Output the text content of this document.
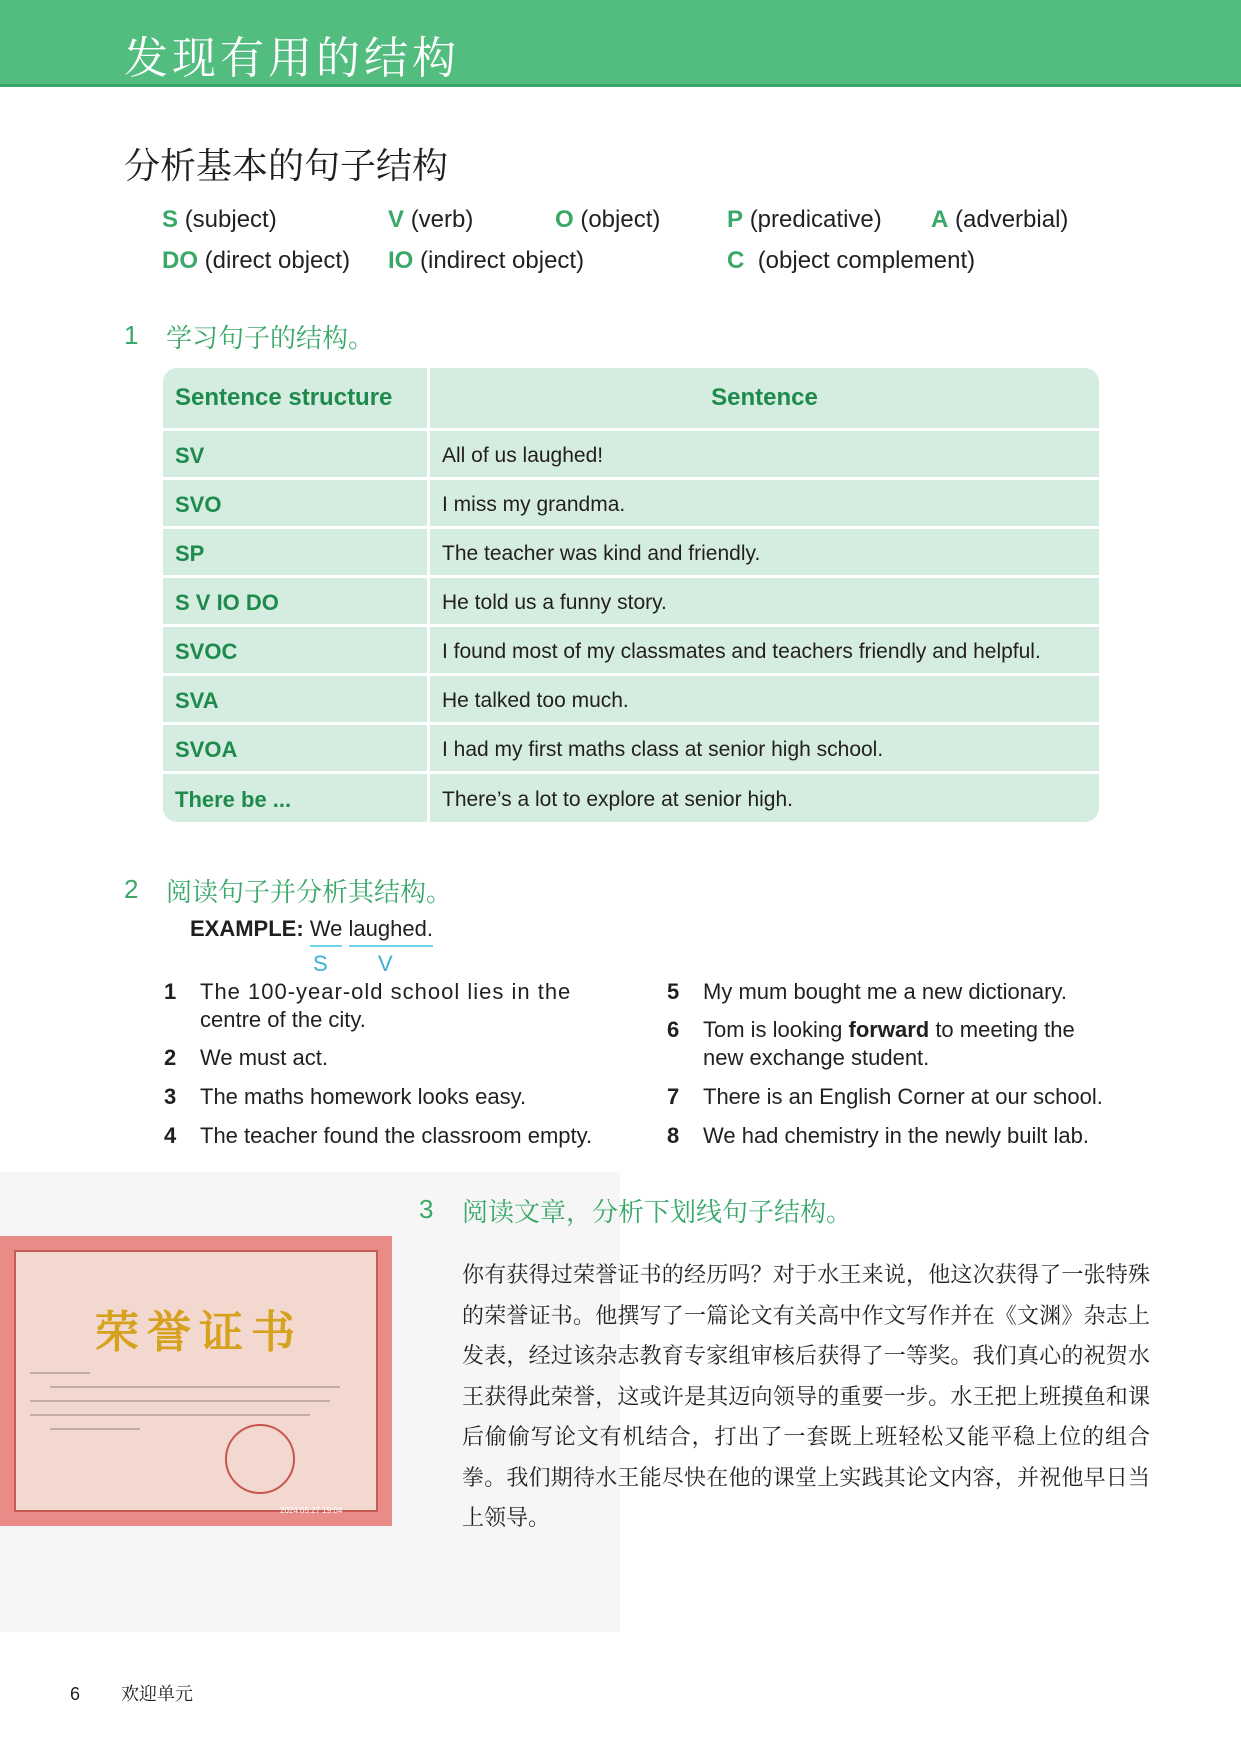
发现有用的结构
分析基本的句子结构
S (subject)	V (verb)	O (object)	P (predicative) A (adverbial)
DO (direct object) IO (indirect object)	C (object complement)
1 学习句子的结构。
Sentence structure	Sentence
SV	All of us laughed!
SVO	I miss my grandma.
SP	The teacher was kind and friendly.
S V IO DO	He told us a funny story.
SVOC	I found most of my classmates and teachers friendly and helpful.
SVA	He talked too much.
SVOA	I had my first maths class at senior high school.
There be ...	There’s a lot to explore at senior high.
2 阅读句子并分析其结构。
EXAMPLE: We laughed.
S V
1 The 100-year-old school lies in the
centre of the city.
2 We must act.
3 The maths homework looks easy.
4 The teacher found the classroom empty.
5 My mum bought me a new dictionary.
6 Tom is looking forward to meeting the
new exchange student.
7 There is an English Corner at our school.
8 We had chemistry in the newly built lab.
荣誉证书
2024.05.27 19:04
3 阅读文章，分析下划线句子结构。
你有获得过荣誉证书的经历吗？对于水王来说，他这次获得了一张特殊的荣誉证书。他撰写了一篇论文有关高中作文写作并在《文渊》杂志上发表，经过该杂志教育专家组审核后获得了一等奖。我们真心的祝贺水王获得此荣誉，这或许是其迈向领导的重要一步。水王把上班摸鱼和课后偷偷写论文有机结合，打出了一套既上班轻松又能平稳上位的组合拳。我们期待水王能尽快在他的课堂上实践其论文内容，并祝他早日当上领导。
6 欢迎单元
